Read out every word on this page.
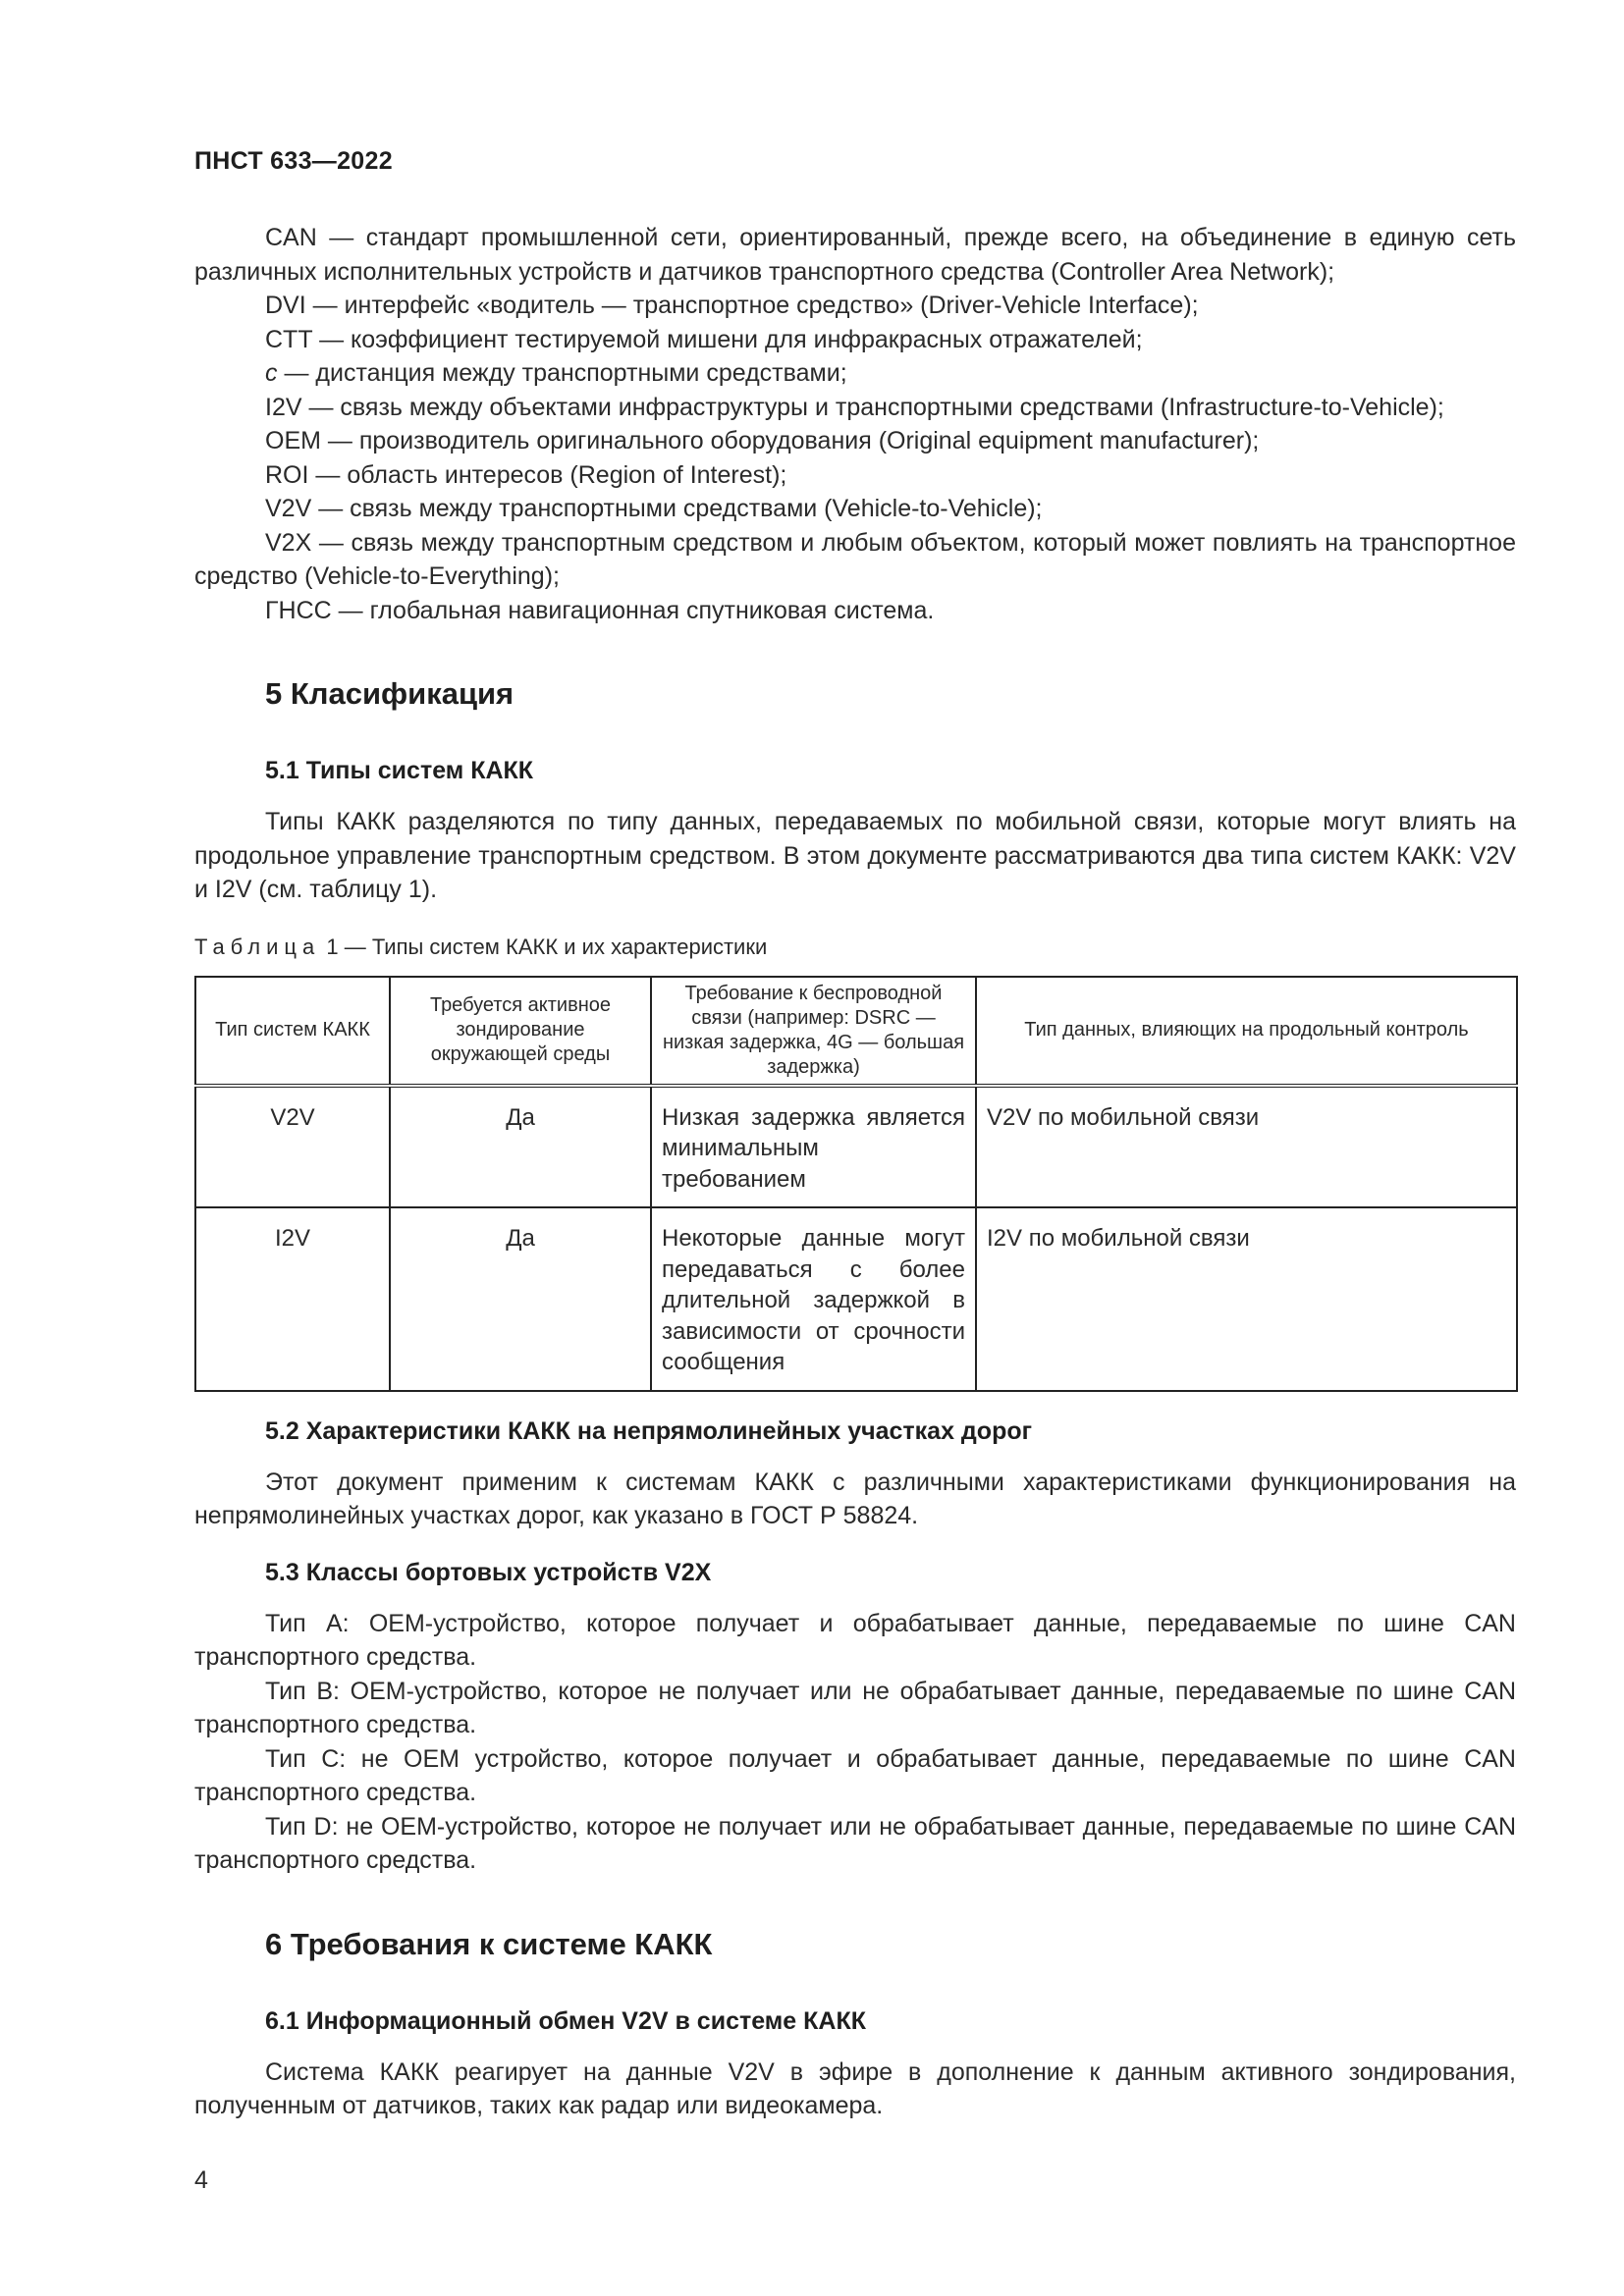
ПНСТ 633—2022

CAN — стандарт промышленной сети, ориентированный, прежде всего, на объединение в единую сеть различных исполнительных устройств и датчиков транспортного средства (Controller Area Network);

DVI — интерфейс «водитель — транспортное средство» (Driver-Vehicle Interface);

CTT — коэффициент тестируемой мишени для инфракрасных отражателей;

c — дистанция между транспортными средствами;

I2V — связь между объектами инфраструктуры и транспортными средствами (Infrastructure-to-Vehicle);

OEM — производитель оригинального оборудования (Original equipment manufacturer);

ROI — область интересов (Region of Interest);

V2V — связь между транспортными средствами (Vehicle-to-Vehicle);

V2X — связь между транспортным средством и любым объектом, который может повлиять на транспортное средство (Vehicle-to-Everything);

ГНСС — глобальная навигационная спутниковая система.

5 Класификация
5.1 Типы систем КАКК

Типы КАКК разделяются по типу данных, передаваемых по мобильной связи, которые могут влиять на продольное управление транспортным средством. В этом документе рассматриваются два типа систем КАКК: V2V и I2V (см. таблицу 1).

Таблица 1 — Типы систем КАКК и их характеристики
Тип систем КАКК	Требуется активное зондирование окружающей среды	Требование к беспроводной связи (например: DSRC — низкая задержка, 4G — большая задержка)	Тип данных, влияющих на продольный контроль
V2V	Да	Низкая задержка является минимальным требованием	V2V по мобильной связи
I2V	Да	Некоторые данные могут передаваться с более длительной задержкой в зависимости от срочности сообщения	I2V по мобильной связи
5.2 Характеристики КАКК на непрямолинейных участках дорог

Этот документ применим к системам КАКК с различными характеристиками функционирования на непрямолинейных участках дорог, как указано в ГОСТ Р 58824.

5.3 Классы бортовых устройств V2X

Тип A: OEM-устройство, которое получает и обрабатывает данные, передаваемые по шине CAN транспортного средства.

Тип B: OEM-устройство, которое не получает или не обрабатывает данные, передаваемые по шине CAN транспортного средства.

Тип C: не OEM устройство, которое получает и обрабатывает данные, передаваемые по шине CAN транспортного средства.

Тип D: не OEM-устройство, которое не получает или не обрабатывает данные, передаваемые по шине CAN транспортного средства.

6 Требования к системе КАКК
6.1 Информационный обмен V2V в системе КАКК

Система КАКК реагирует на данные V2V в эфире в дополнение к данным активного зондирования, полученным от датчиков, таких как радар или видеокамера.

4
